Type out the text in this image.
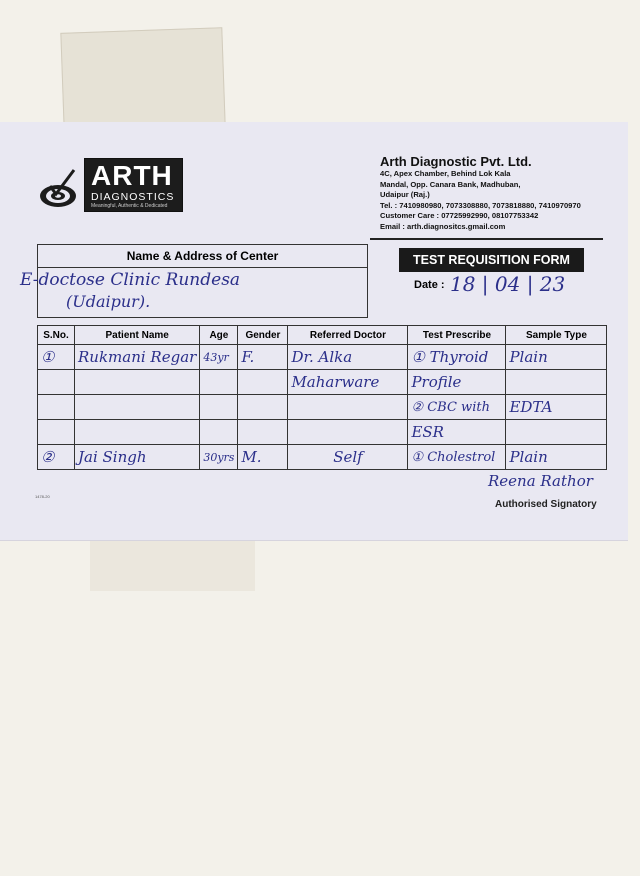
ARTH
DIAGNOSTICS
Meaningful, Authentic & Dedicated
Arth Diagnostic Pvt. Ltd.
4C, Apex Chamber, Behind Lok Kala
Mandal, Opp. Canara Bank, Madhuban,
Udaipur (Raj.)
Tel. : 7410980980, 7073308880, 7073818880, 7410970970
Customer Care : 07725992990, 08107753342
Email : arth.diagnositcs.gmail.com
Name & Address of Center
E-doctose Clinic Rundesa
(Udaipur).
TEST REQUISITION FORM
Date : 18 | 04 | 23
S.No.	Patient Name	Age	Gender	Referred Doctor	Test Prescribe	Sample Type
①	Rukmani Regar	43yr	F.	Dr. Alka	① Thyroid	Plain
				Maharware	Profile	
					② CBC with	EDTA
					ESR	
②	Jai Singh	30yrs	M.	Self	① Cholestrol	Plain
1478-20
Reena Rathor
Authorised Signatory
